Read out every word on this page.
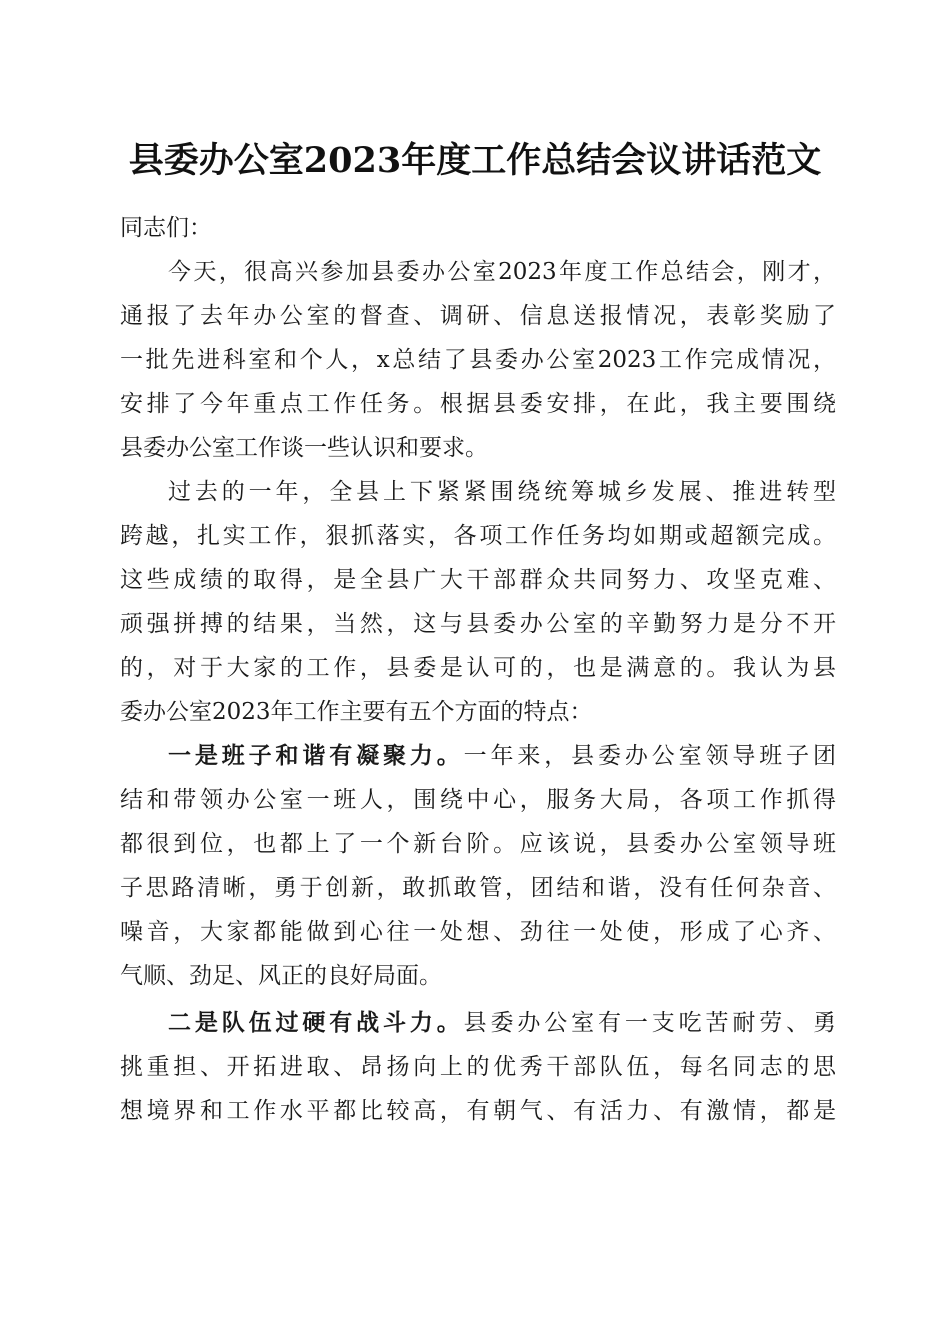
县委办公室2023年度工作总结会议讲话范文
同志们：
今天，很高兴参加县委办公室2023年度工作总结会，刚才，
通报了去年办公室的督查、调研、信息送报情况，表彰奖励了
一批先进科室和个人，x总结了县委办公室2023工作完成情况，
安排了今年重点工作任务。根据县委安排，在此，我主要围绕
县委办公室工作谈一些认识和要求。
过去的一年，全县上下紧紧围绕统筹城乡发展、推进转型
跨越，扎实工作，狠抓落实，各项工作任务均如期或超额完成。
这些成绩的取得，是全县广大干部群众共同努力、攻坚克难、
顽强拼搏的结果，当然，这与县委办公室的辛勤努力是分不开
的，对于大家的工作，县委是认可的，也是满意的。我认为县
委办公室2023年工作主要有五个方面的特点：
一是班子和谐有凝聚力。一年来，县委办公室领导班子团
结和带领办公室一班人，围绕中心，服务大局，各项工作抓得
都很到位，也都上了一个新台阶。应该说，县委办公室领导班
子思路清晰，勇于创新，敢抓敢管，团结和谐，没有任何杂音、
噪音，大家都能做到心往一处想、劲往一处使，形成了心齐、
气顺、劲足、风正的良好局面。
二是队伍过硬有战斗力。县委办公室有一支吃苦耐劳、勇
挑重担、开拓进取、昂扬向上的优秀干部队伍，每名同志的思
想境界和工作水平都比较高，有朝气、有活力、有激情，都是
